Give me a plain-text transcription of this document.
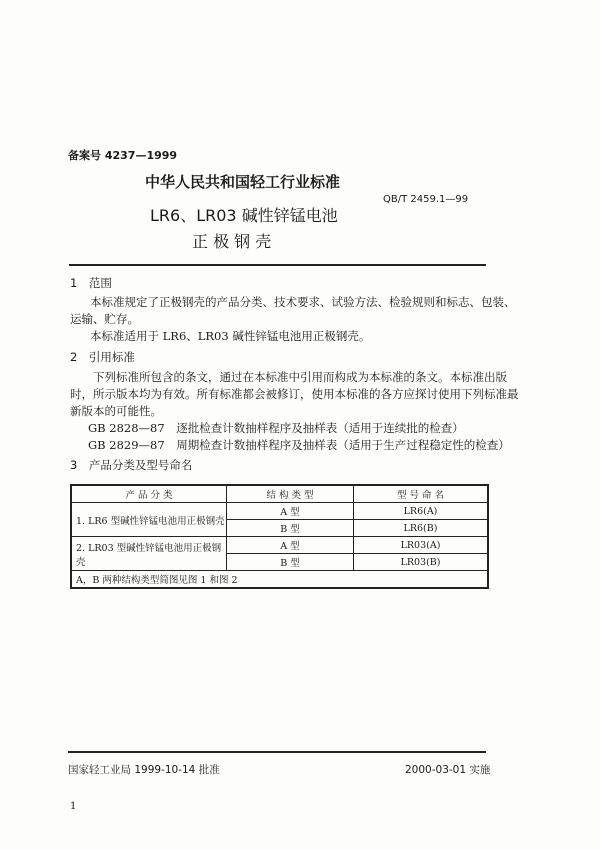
备案号 4237—1999
中华人民共和国轻工行业标准
QB/T 2459.1—99
LR6、LR03 碱性锌锰电池
正 极 钢 壳
1　范围
本标准规定了正极钢壳的产品分类、技术要求、试验方法、检验规则和标志、包装、
运输、贮存。
本标准适用于 LR6、LR03 碱性锌锰电池用正极钢壳。
2　引用标准
下列标准所包含的条文，通过在本标准中引用而构成为本标准的条文。本标准出版
时，所示版本均为有效。所有标准都会被修订，使用本标准的各方应探讨使用下列标准最
新版本的可能性。
GB 2828—87　逐批检查计数抽样程序及抽样表（适用于连续批的检查）
GB 2829—87　周期检查计数抽样程序及抽样表（适用于生产过程稳定性的检查）
3　产品分类及型号命名
产 品 分 类	结 构 类 型	型 号 命 名
1. LR6 型碱性锌锰电池用正极钢壳	A 型	LR6(A)
	B 型	LR6(B)
2. LR03 型碱性锌锰电池用正极钢壳	A 型	LR03(A)
	B 型	LR03(B)
A，B 两种结构类型简图见图 1 和图 2		
国家轻工业局 1999-10-14 批准	2000-03-01 实施
1
